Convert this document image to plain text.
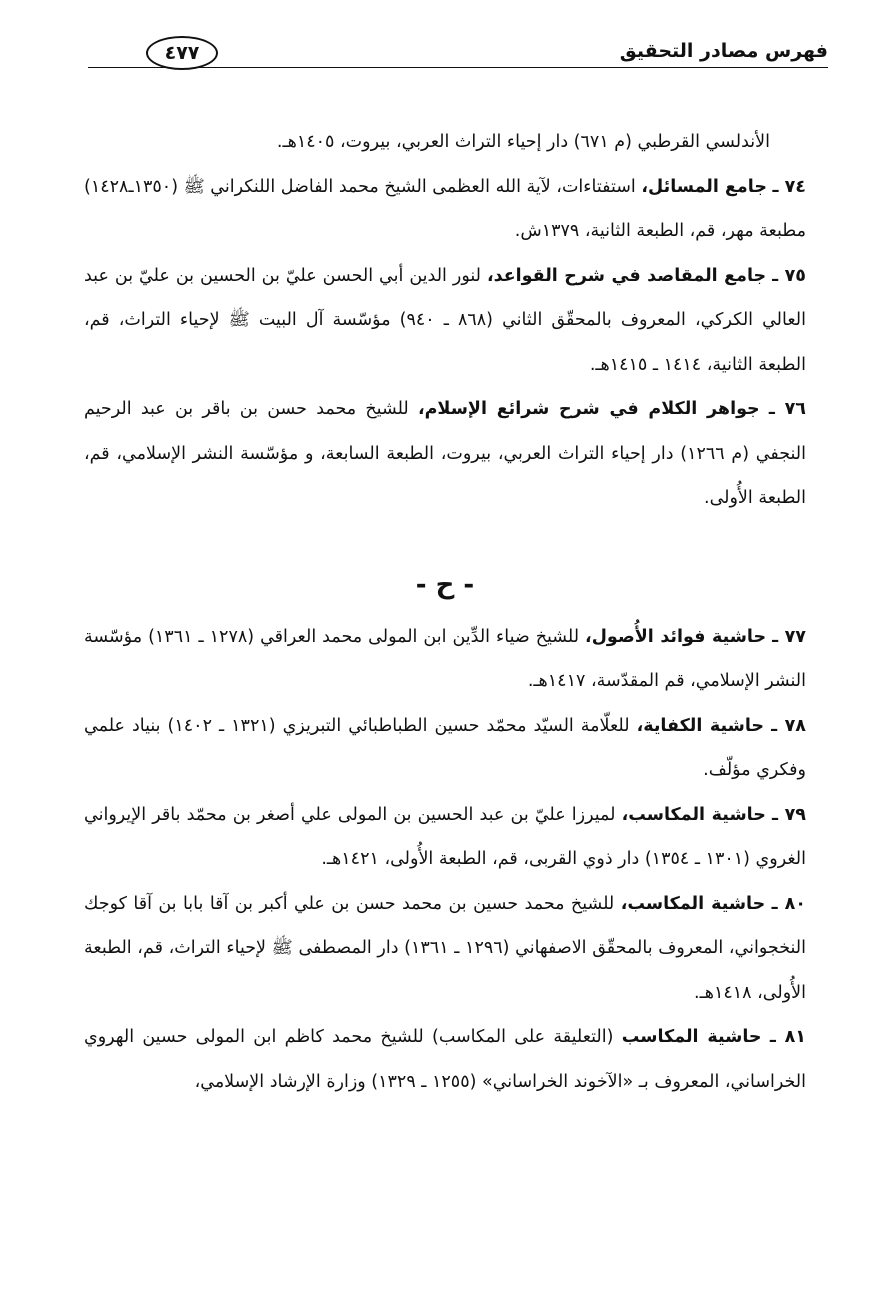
فهرس مصادر التحقيق
٤٧٧

الأندلسي القرطبي (م ٦٧١) دار إحياء التراث العربي، بيروت، ١٤٠٥هـ.

٧٤ ـ جامع المسائل، استفتاءات، لآية الله العظمى الشيخ محمد الفاضل اللنكراني ﷺ (١٣٥٠ـ١٤٢٨) مطبعة مهر، قم، الطبعة الثانية، ١٣٧٩ش.

٧٥ ـ جامع المقاصد في شرح القواعد، لنور الدين أبي الحسن عليّ بن الحسين بن عليّ بن عبد العالي الكركي، المعروف بالمحقّق الثاني (٨٦٨ ـ ٩٤٠) مؤسّسة آل البيت ﷺ لإحياء التراث، قم، الطبعة الثانية، ١٤١٤ ـ ١٤١٥هـ.

٧٦ ـ جواهر الكلام في شرح شرائع الإسلام، للشيخ محمد حسن بن باقر بن عبد الرحيم النجفي (م ١٢٦٦) دار إحياء التراث العربي، بيروت، الطبعة السابعة، و مؤسّسة النشر الإسلامي، قم، الطبعة الأُولى.

- ح -

٧٧ ـ حاشية فوائد الأُصول، للشيخ ضياء الدِّين ابن المولى محمد العراقي (١٢٧٨ ـ ١٣٦١) مؤسّسة النشر الإسلامي، قم المقدّسة، ١٤١٧هـ.

٧٨ ـ حاشية الكفاية، للعلّامة السيّد محمّد حسين الطباطبائي التبريزي (١٣٢١ ـ ١٤٠٢) بنياد علمي وفكري مؤلّف.

٧٩ ـ حاشية المكاسب، لميرزا عليّ بن عبد الحسين بن المولى علي أصغر بن محمّد باقر الإيرواني الغروي (١٣٠١ ـ ١٣٥٤) دار ذوي القربى، قم، الطبعة الأُولى، ١٤٢١هـ.

٨٠ ـ حاشية المكاسب، للشيخ محمد حسين بن محمد حسن بن علي أكبر بن آقا بابا بن آقا كوجك النخجواني، المعروف بالمحقّق الاصفهاني (١٢٩٦ ـ ١٣٦١) دار المصطفى ﷺ لإحياء التراث، قم، الطبعة الأُولى، ١٤١٨هـ.

٨١ ـ حاشية المكاسب (التعليقة على المكاسب) للشيخ محمد كاظم ابن المولى حسين الهروي الخراساني، المعروف بـ «الآخوند الخراساني» (١٢٥٥ ـ ١٣٢٩) وزارة الإرشاد الإسلامي،
